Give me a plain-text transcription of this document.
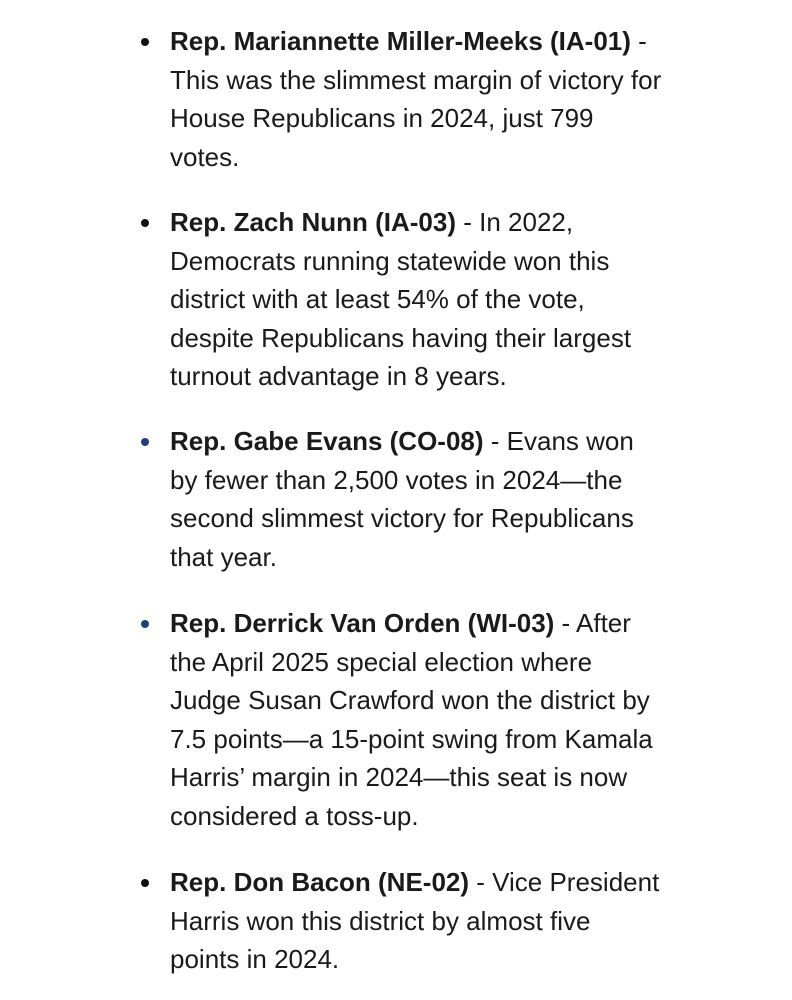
Rep. Mariannette Miller-Meeks (IA-01) -
This was the slimmest margin of victory for
House Republicans in 2024, just 799
votes.
Rep. Zach Nunn (IA-03) - In 2022,
Democrats running statewide won this
district with at least 54% of the vote,
despite Republicans having their largest
turnout advantage in 8 years.
Rep. Gabe Evans (CO-08) - Evans won
by fewer than 2,500 votes in 2024—the
second slimmest victory for Republicans
that year.
Rep. Derrick Van Orden (WI-03) - After
the April 2025 special election where
Judge Susan Crawford won the district by
7.5 points—a 15-point swing from Kamala
Harris’ margin in 2024—this seat is now
considered a toss-up.
Rep. Don Bacon (NE-02) - Vice President
Harris won this district by almost five
points in 2024.
